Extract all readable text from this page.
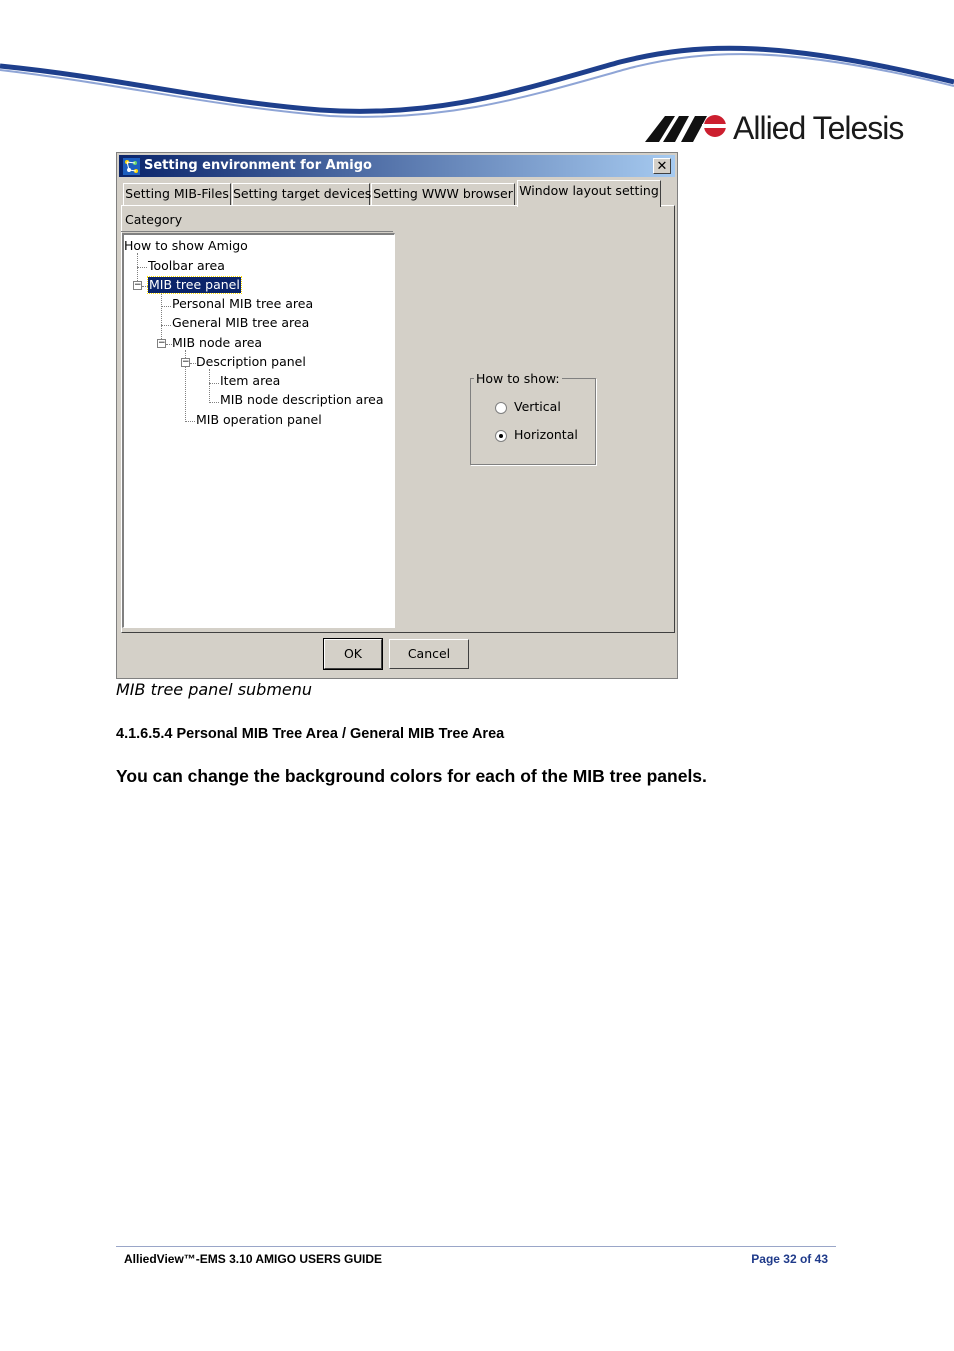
Allied Telesis
Setting environment for Amigo	✕
Setting MIB-Files Setting target devices Setting WWW browser Window layout setting
Category
−
−
−
How to show Amigo
Toolbar area
MIB tree panel
Personal MIB tree area
General MIB tree area
MIB node area
Description panel
Item area
MIB node description area
MIB operation panel
Vertical
Horizontal
How to show:
OK	Cancel
MIB tree panel submenu
4.1.6.5.4 Personal MIB Tree Area / General MIB Tree Area
You can change the background colors for each of the MIB tree panels.
AlliedView™-EMS 3.10 AMIGO USERS GUIDE	Page 32 of 43
